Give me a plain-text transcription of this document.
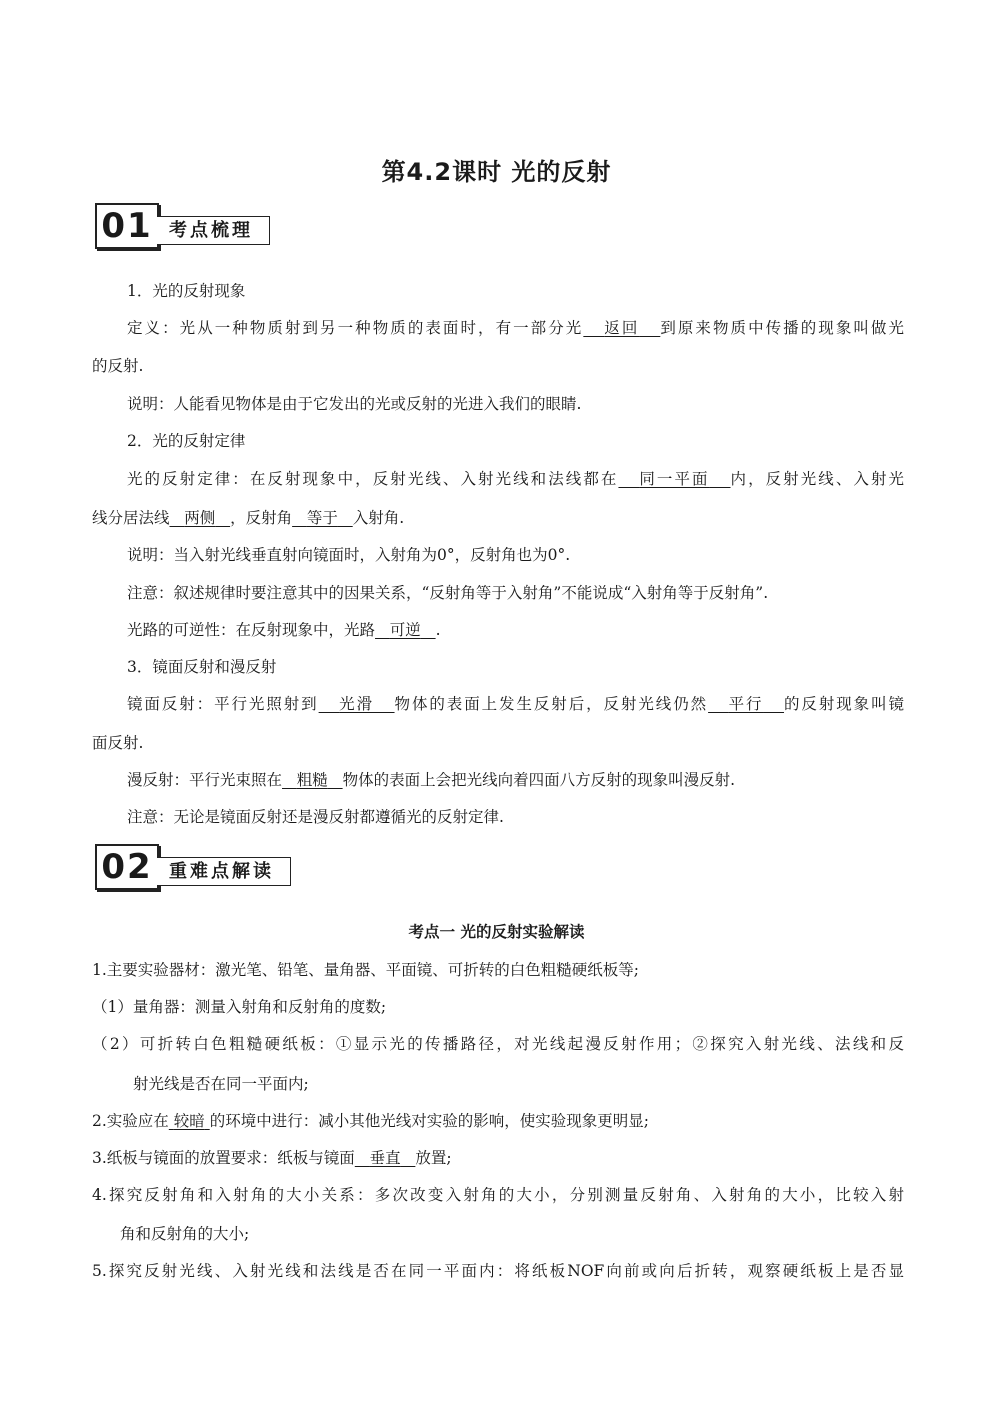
第4.2课时 光的反射
01 考点梳理
1．光的反射现象
定义：光从一种物质射到另一种物质的表面时，有一部分光 返回 到原来物质中传播的现象叫做光
的反射.
说明：人能看见物体是由于它发出的光或反射的光进入我们的眼睛.
2．光的反射定律
光的反射定律：在反射现象中，反射光线、入射光线和法线都在 同一平面 内，反射光线、入射光
线分居法线 两侧 ，反射角 等于 入射角.
说明：当入射光线垂直射向镜面时，入射角为0°，反射角也为0°.
注意：叙述规律时要注意其中的因果关系，“反射角等于入射角”不能说成“入射角等于反射角”.
光路的可逆性：在反射现象中，光路 可逆 .
3．镜面反射和漫反射
镜面反射：平行光照射到 光滑 物体的表面上发生反射后，反射光线仍然 平行 的反射现象叫镜
面反射.
漫反射：平行光束照在 粗糙 物体的表面上会把光线向着四面八方反射的现象叫漫反射.
注意：无论是镜面反射还是漫反射都遵循光的反射定律.
02 重难点解读
考点一 光的反射实验解读
1.主要实验器材：激光笔、铅笔、量角器、平面镜、可折转的白色粗糙硬纸板等;
（1）量角器：测量入射角和反射角的度数;
（2）可折转白色粗糙硬纸板：①显示光的传播路径，对光线起漫反射作用；②探究入射光线、法线和反
射光线是否在同一平面内;
2.实验应在 较暗 的环境中进行：减小其他光线对实验的影响，使实验现象更明显;
3.纸板与镜面的放置要求：纸板与镜面 垂直 放置;
4.探究反射角和入射角的大小关系：多次改变入射角的大小，分别测量反射角、入射角的大小，比较入射
角和反射角的大小;
5.探究反射光线、入射光线和法线是否在同一平面内：将纸板NOF向前或向后折转，观察硬纸板上是否显
